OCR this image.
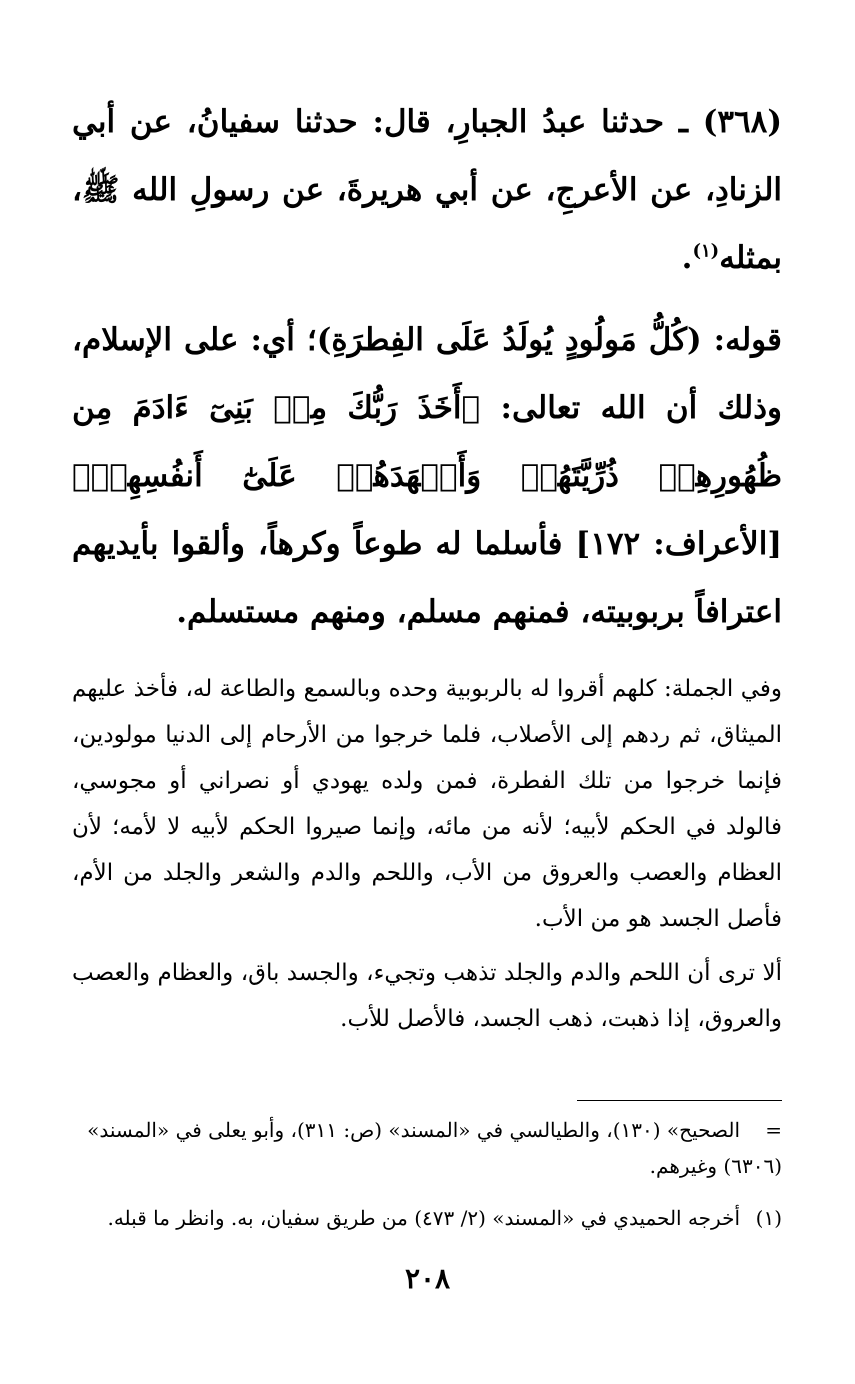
(٣٦٨) ـ حدثنا عبدُ الجبارِ، قال: حدثنا سفيانُ، عن أبي الزنادِ، عن الأعرجِ، عن أبي هريرةَ، عن رسولِ الله ﷺ، بمثله$^{(١)}$.

قوله: (كُلُّ مَولُودٍ يُولَدُ عَلَى الفِطرَةِ)؛ أي: على الإسلام، وذلك أن الله تعالى: ﴿أَخَذَ رَبُّكَ مِنۢ بَنِىٓ ءَادَمَ مِن ظُهُورِهِمۡ ذُرِّيَّتَهُمۡ وَأَشۡهَدَهُمۡ عَلَىٰٓ أَنفُسِهِمۡ﴾ [الأعراف: ١٧٢] فأسلما له طوعاً وكرهاً، وألقوا بأيديهم اعترافاً بربوبيته، فمنهم مسلم، ومنهم مستسلم.

وفي الجملة: كلهم أقروا له بالربوبية وحده وبالسمع والطاعة له، فأخذ عليهم الميثاق، ثم ردهم إلى الأصلاب، فلما خرجوا من الأرحام إلى الدنيا مولودين، فإنما خرجوا من تلك الفطرة، فمن ولده يهودي أو نصراني أو مجوسي، فالولد في الحكم لأبيه؛ لأنه من مائه، وإنما صيروا الحكم لأبيه لا لأمه؛ لأن العظام والعصب والعروق من الأب، واللحم والدم والشعر والجلد من الأم، فأصل الجسد هو من الأب.

ألا ترى أن اللحم والدم والجلد تذهب وتجيء، والجسد باق، والعظام والعصب والعروق، إذا ذهبت، ذهب الجسد، فالأصل للأب.

=الصحيح» (١٣٠)، والطيالسي في «المسند» (ص: ٣١١)، وأبو يعلى في «المسند» (٦٣٠٦) وغيرهم.
(١)أخرجه الحميدي في «المسند» (٢/ ٤٧٣) من طريق سفيان، به. وانظر ما قبله.
٢٠٨
